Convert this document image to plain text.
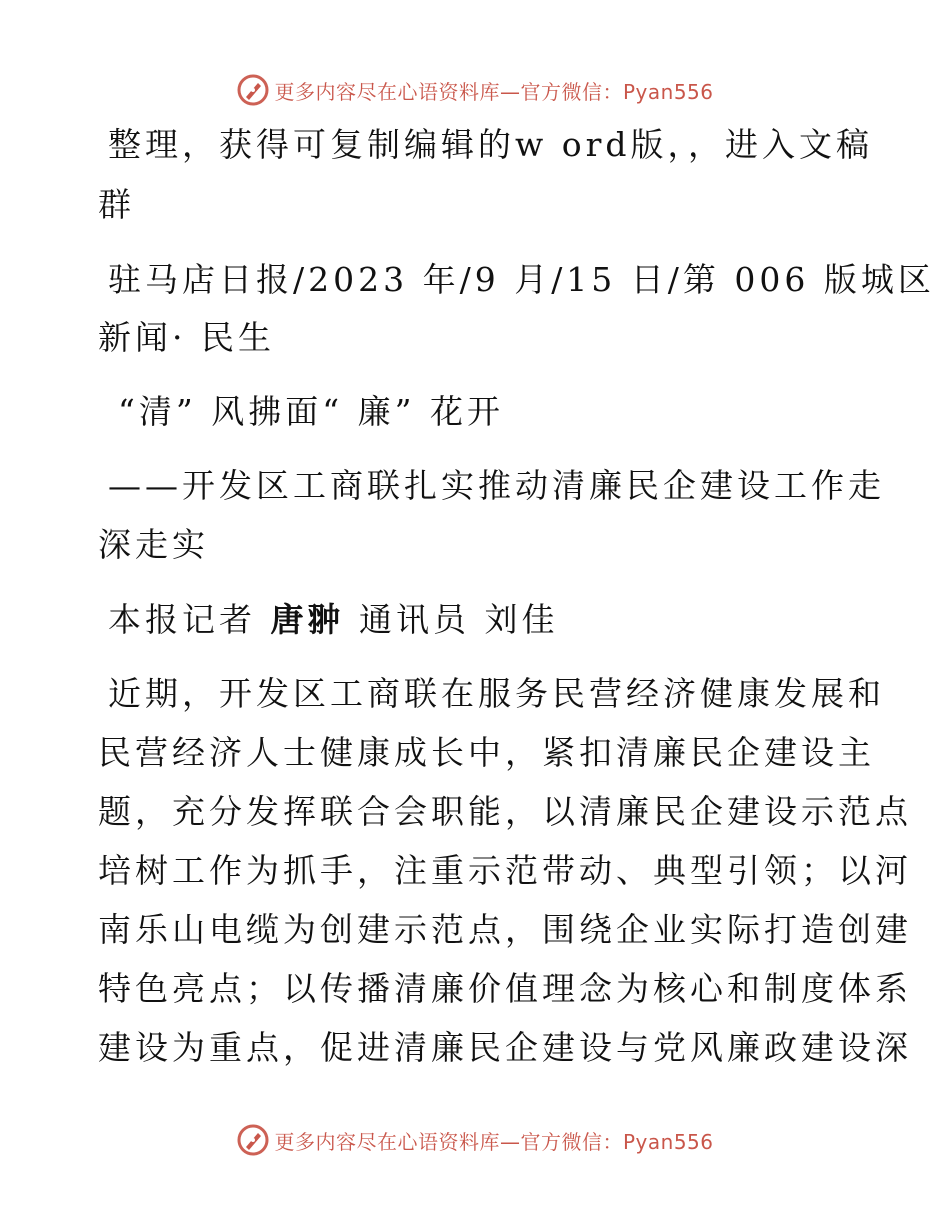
更多内容尽在心语资料库—官方微信：Pyan556
整理，获得可复制编辑的w ord版，，进入文稿
群
驻马店日报/2023 年/9 月/15 日/第 006 版城区
新闻· 民生
“清” 风拂面“ 廉” 花开
——开发区工商联扎实推动清廉民企建设工作走
深走实
本报记者 唐翀 通讯员 刘佳
近期，开发区工商联在服务民营经济健康发展和
民营经济人士健康成长中，紧扣清廉民企建设主
题，充分发挥联合会职能，以清廉民企建设示范点
培树工作为抓手，注重示范带动、典型引领；以河
南乐山电缆为创建示范点，围绕企业实际打造创建
特色亮点；以传播清廉价值理念为核心和制度体系
建设为重点，促进清廉民企建设与党风廉政建设深
更多内容尽在心语资料库—官方微信：Pyan556
